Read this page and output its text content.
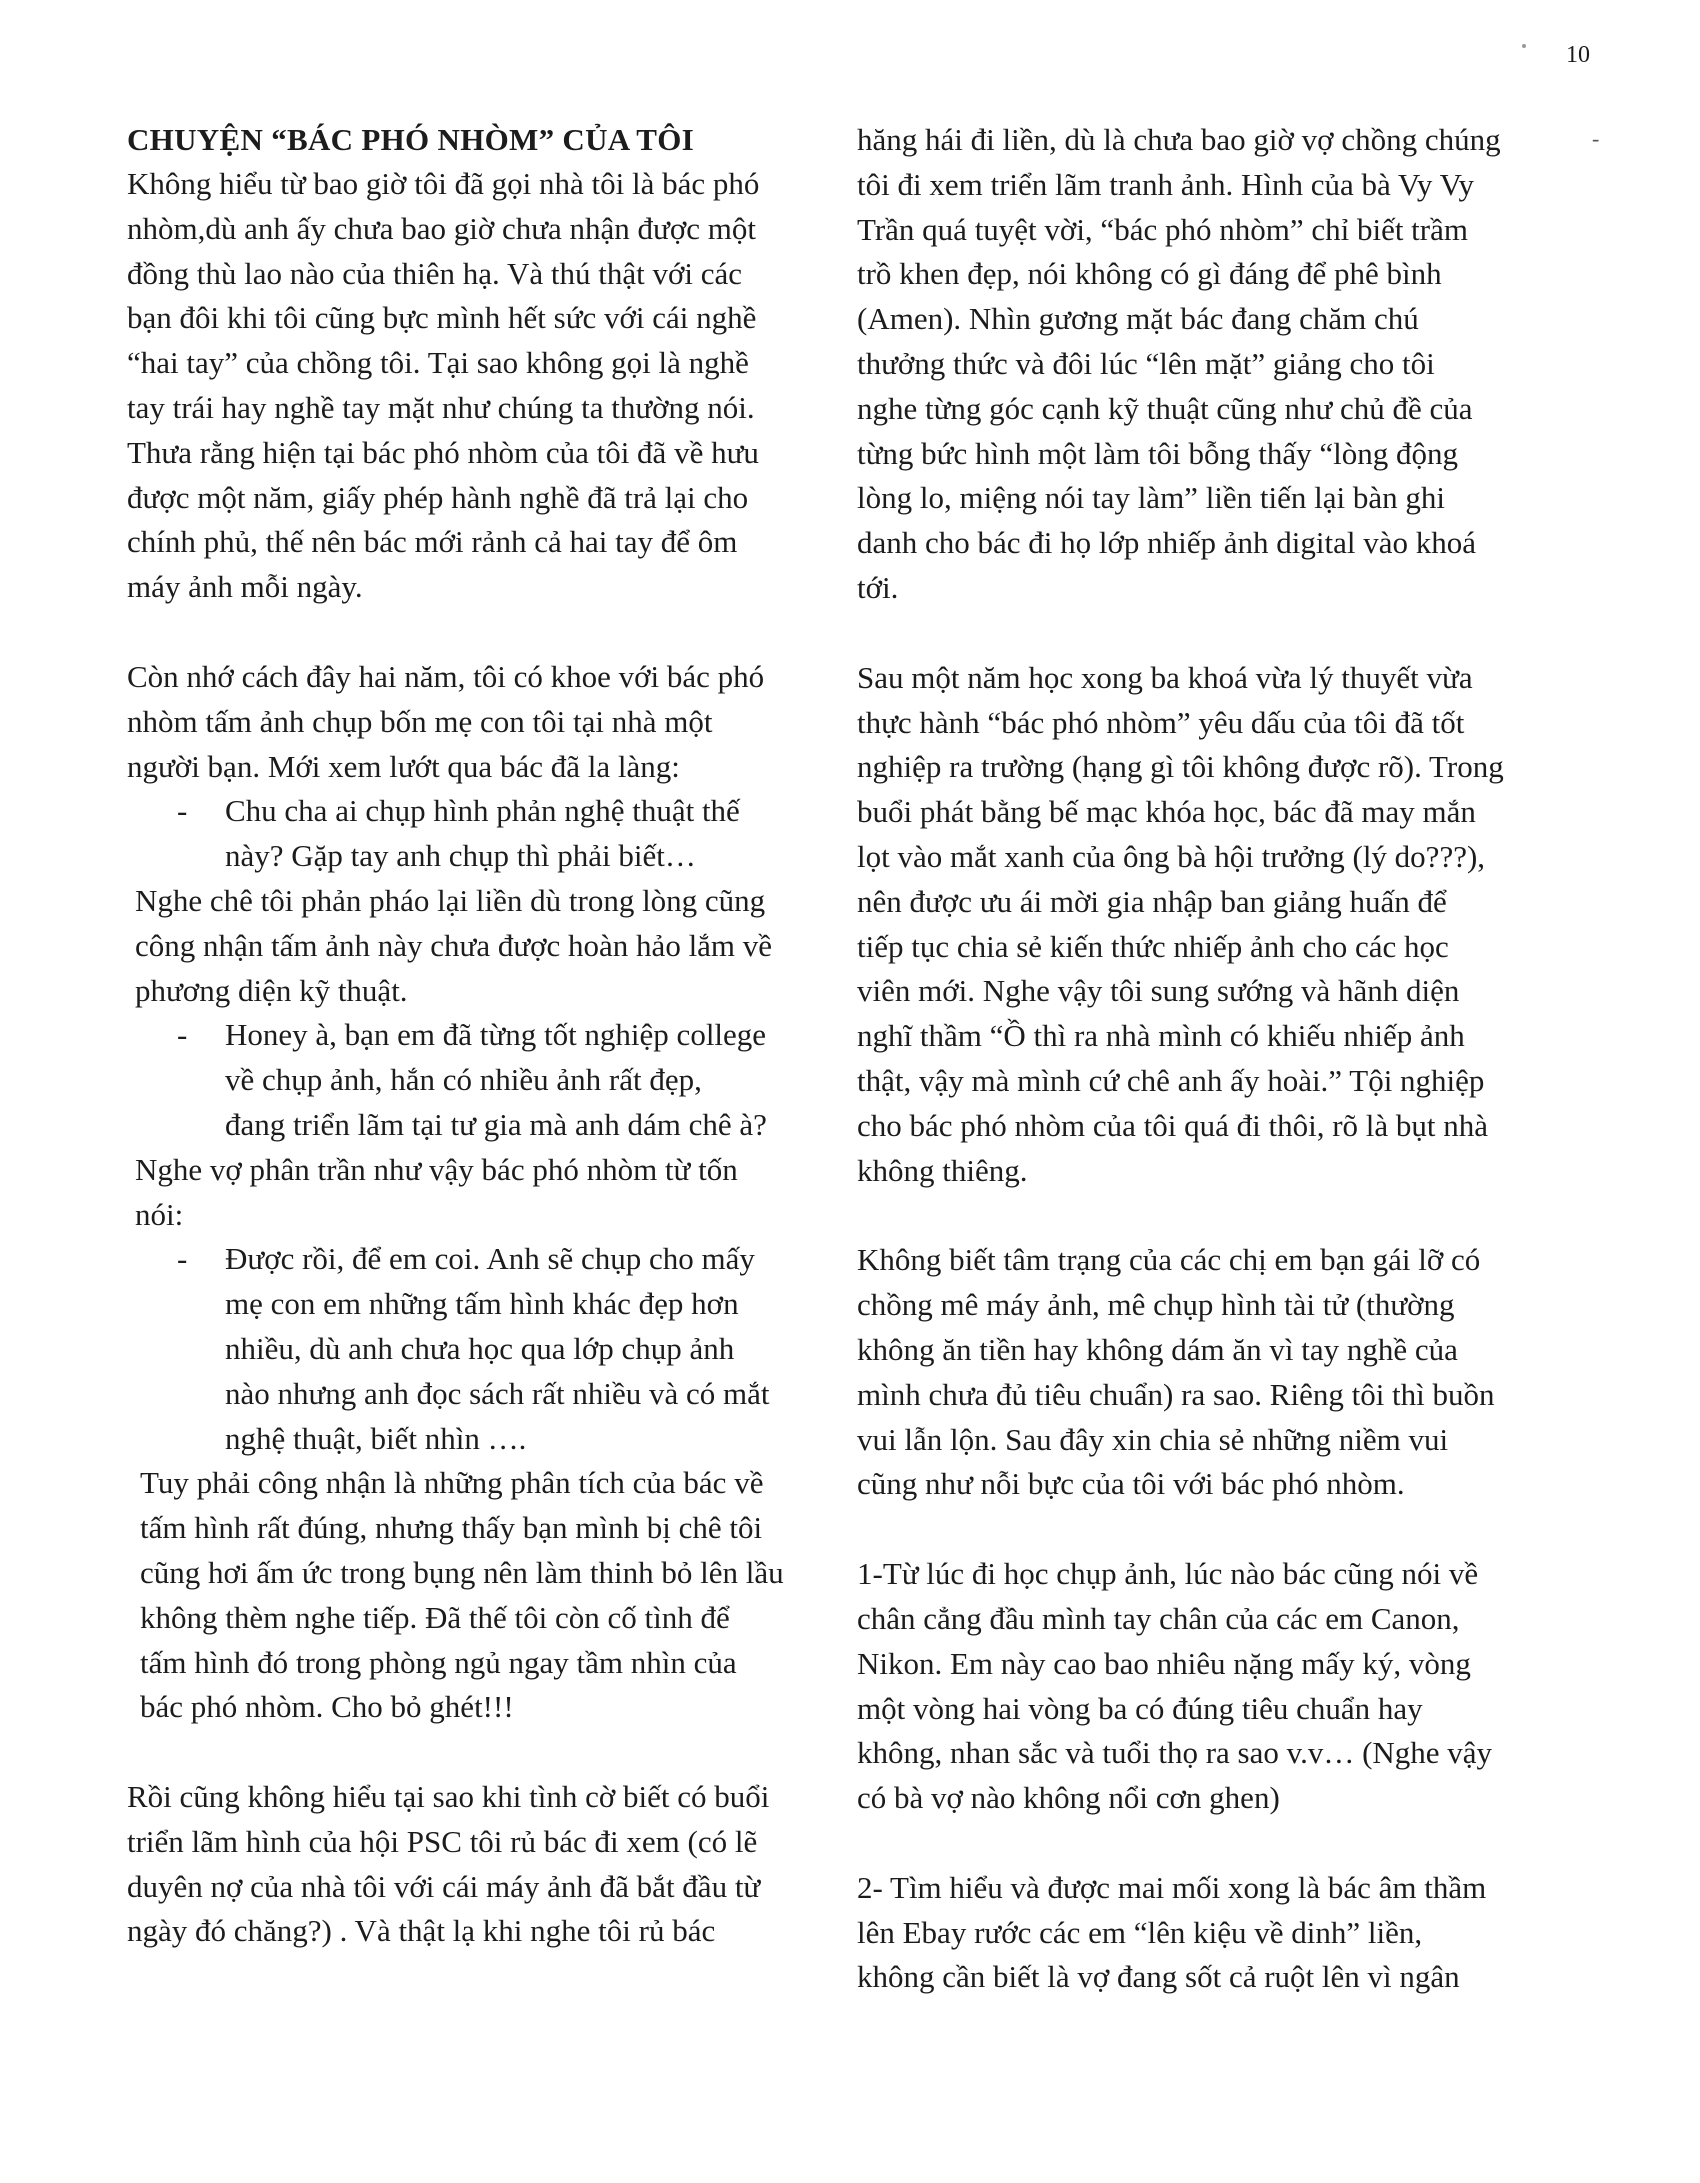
10
-

CHUYỆN “BÁC PHÓ NHÒM” CỦA TÔI

Không hiểu từ bao giờ tôi đã gọi nhà tôi là bác phó
nhòm,dù anh ấy chưa bao giờ chưa nhận được một
đồng thù lao nào của thiên hạ. Và thú thật với các
bạn đôi khi tôi cũng bực mình hết sức với cái nghề
“hai tay” của chồng tôi. Tại sao không gọi là nghề
tay trái hay nghề tay mặt như chúng ta thường nói.
Thưa rằng hiện tại bác phó nhòm của tôi đã về hưu
được một năm, giấy phép hành nghề đã trả lại cho
chính phủ, thế nên bác mới rảnh cả hai tay để ôm
máy ảnh mỗi ngày.

Còn nhớ cách đây hai năm, tôi có khoe với bác phó
nhòm tấm ảnh chụp bốn mẹ con tôi tại nhà một
người bạn. Mới xem lướt qua bác đã la làng:

- Chu cha ai chụp hình phản nghệ thuật thế
này? Gặp tay anh chụp thì phải biết…

Nghe chê tôi phản pháo lại liền dù trong lòng cũng
công nhận tấm ảnh này chưa được hoàn hảo lắm về
phương diện kỹ thuật.

- Honey à, bạn em đã từng tốt nghiệp college
về chụp ảnh, hắn có nhiều ảnh rất đẹp,
đang triển lãm tại tư gia mà anh dám chê à?

Nghe vợ phân trần như vậy bác phó nhòm từ tốn
nói:

- Được rồi, để em coi. Anh sẽ chụp cho mấy
mẹ con em những tấm hình khác đẹp hơn
nhiều, dù anh chưa học qua lớp chụp ảnh
nào nhưng anh đọc sách rất nhiều và có mắt
nghệ thuật, biết nhìn ….

Tuy phải công nhận là những phân tích của bác về
tấm hình rất đúng, nhưng thấy bạn mình bị chê tôi
cũng hơi ấm ức trong bụng nên làm thinh bỏ lên lầu
không thèm nghe tiếp. Đã thế tôi còn cố tình để
tấm hình đó trong phòng ngủ ngay tầm nhìn của
bác phó nhòm. Cho bỏ ghét!!!

Rồi cũng không hiểu tại sao khi tình cờ biết có buổi
triển lãm hình của hội PSC tôi rủ bác đi xem (có lẽ
duyên nợ của nhà tôi với cái máy ảnh đã bắt đầu từ
ngày đó chăng?) . Và thật lạ khi nghe tôi rủ bác

hăng hái đi liền, dù là chưa bao giờ vợ chồng chúng
tôi đi xem triển lãm tranh ảnh. Hình của bà Vy Vy
Trần quá tuyệt vời, “bác phó nhòm” chỉ biết trầm
trồ khen đẹp, nói không có gì đáng để phê bình
(Amen). Nhìn gương mặt bác đang chăm chú
thưởng thức và đôi lúc “lên mặt” giảng cho tôi
nghe từng góc cạnh kỹ thuật cũng như chủ đề của
từng bức hình một làm tôi bỗng thấy “lòng động
lòng lo, miệng nói tay làm” liền tiến lại bàn ghi
danh cho bác đi họ lớp nhiếp ảnh digital vào khoá
tới.

Sau một năm học xong ba khoá vừa lý thuyết vừa
thực hành “bác phó nhòm” yêu dấu của tôi đã tốt
nghiệp ra trường (hạng gì tôi không được rõ). Trong
buổi phát bằng bế mạc khóa học, bác đã may mắn
lọt vào mắt xanh của ông bà hội trưởng (lý do???),
nên được ưu ái mời gia nhập ban giảng huấn để
tiếp tục chia sẻ kiến thức nhiếp ảnh cho các học
viên mới. Nghe vậy tôi sung sướng và hãnh diện
nghĩ thầm “Ồ thì ra nhà mình có khiếu nhiếp ảnh
thật, vậy mà mình cứ chê anh ấy hoài.” Tội nghiệp
cho bác phó nhòm của tôi quá đi thôi, rõ là bụt nhà
không thiêng.

Không biết tâm trạng của các chị em bạn gái lỡ có
chồng mê máy ảnh, mê chụp hình tài tử (thường
không ăn tiền hay không dám ăn vì tay nghề của
mình chưa đủ tiêu chuẩn) ra sao. Riêng tôi thì buồn
vui lẫn lộn. Sau đây xin chia sẻ những niềm vui
cũng như nỗi bực của tôi với bác phó nhòm.

1-Từ lúc đi học chụp ảnh, lúc nào bác cũng nói về
chân cẳng đầu mình tay chân của các em Canon,
Nikon. Em này cao bao nhiêu nặng mấy ký, vòng
một vòng hai vòng ba có đúng tiêu chuẩn hay
không, nhan sắc và tuổi thọ ra sao v.v… (Nghe vậy
có bà vợ nào không nổi cơn ghen)

2- Tìm hiểu và được mai mối xong là bác âm thầm
lên Ebay rước các em “lên kiệu về dinh” liền,
không cần biết là vợ đang sốt cả ruột lên vì ngân
